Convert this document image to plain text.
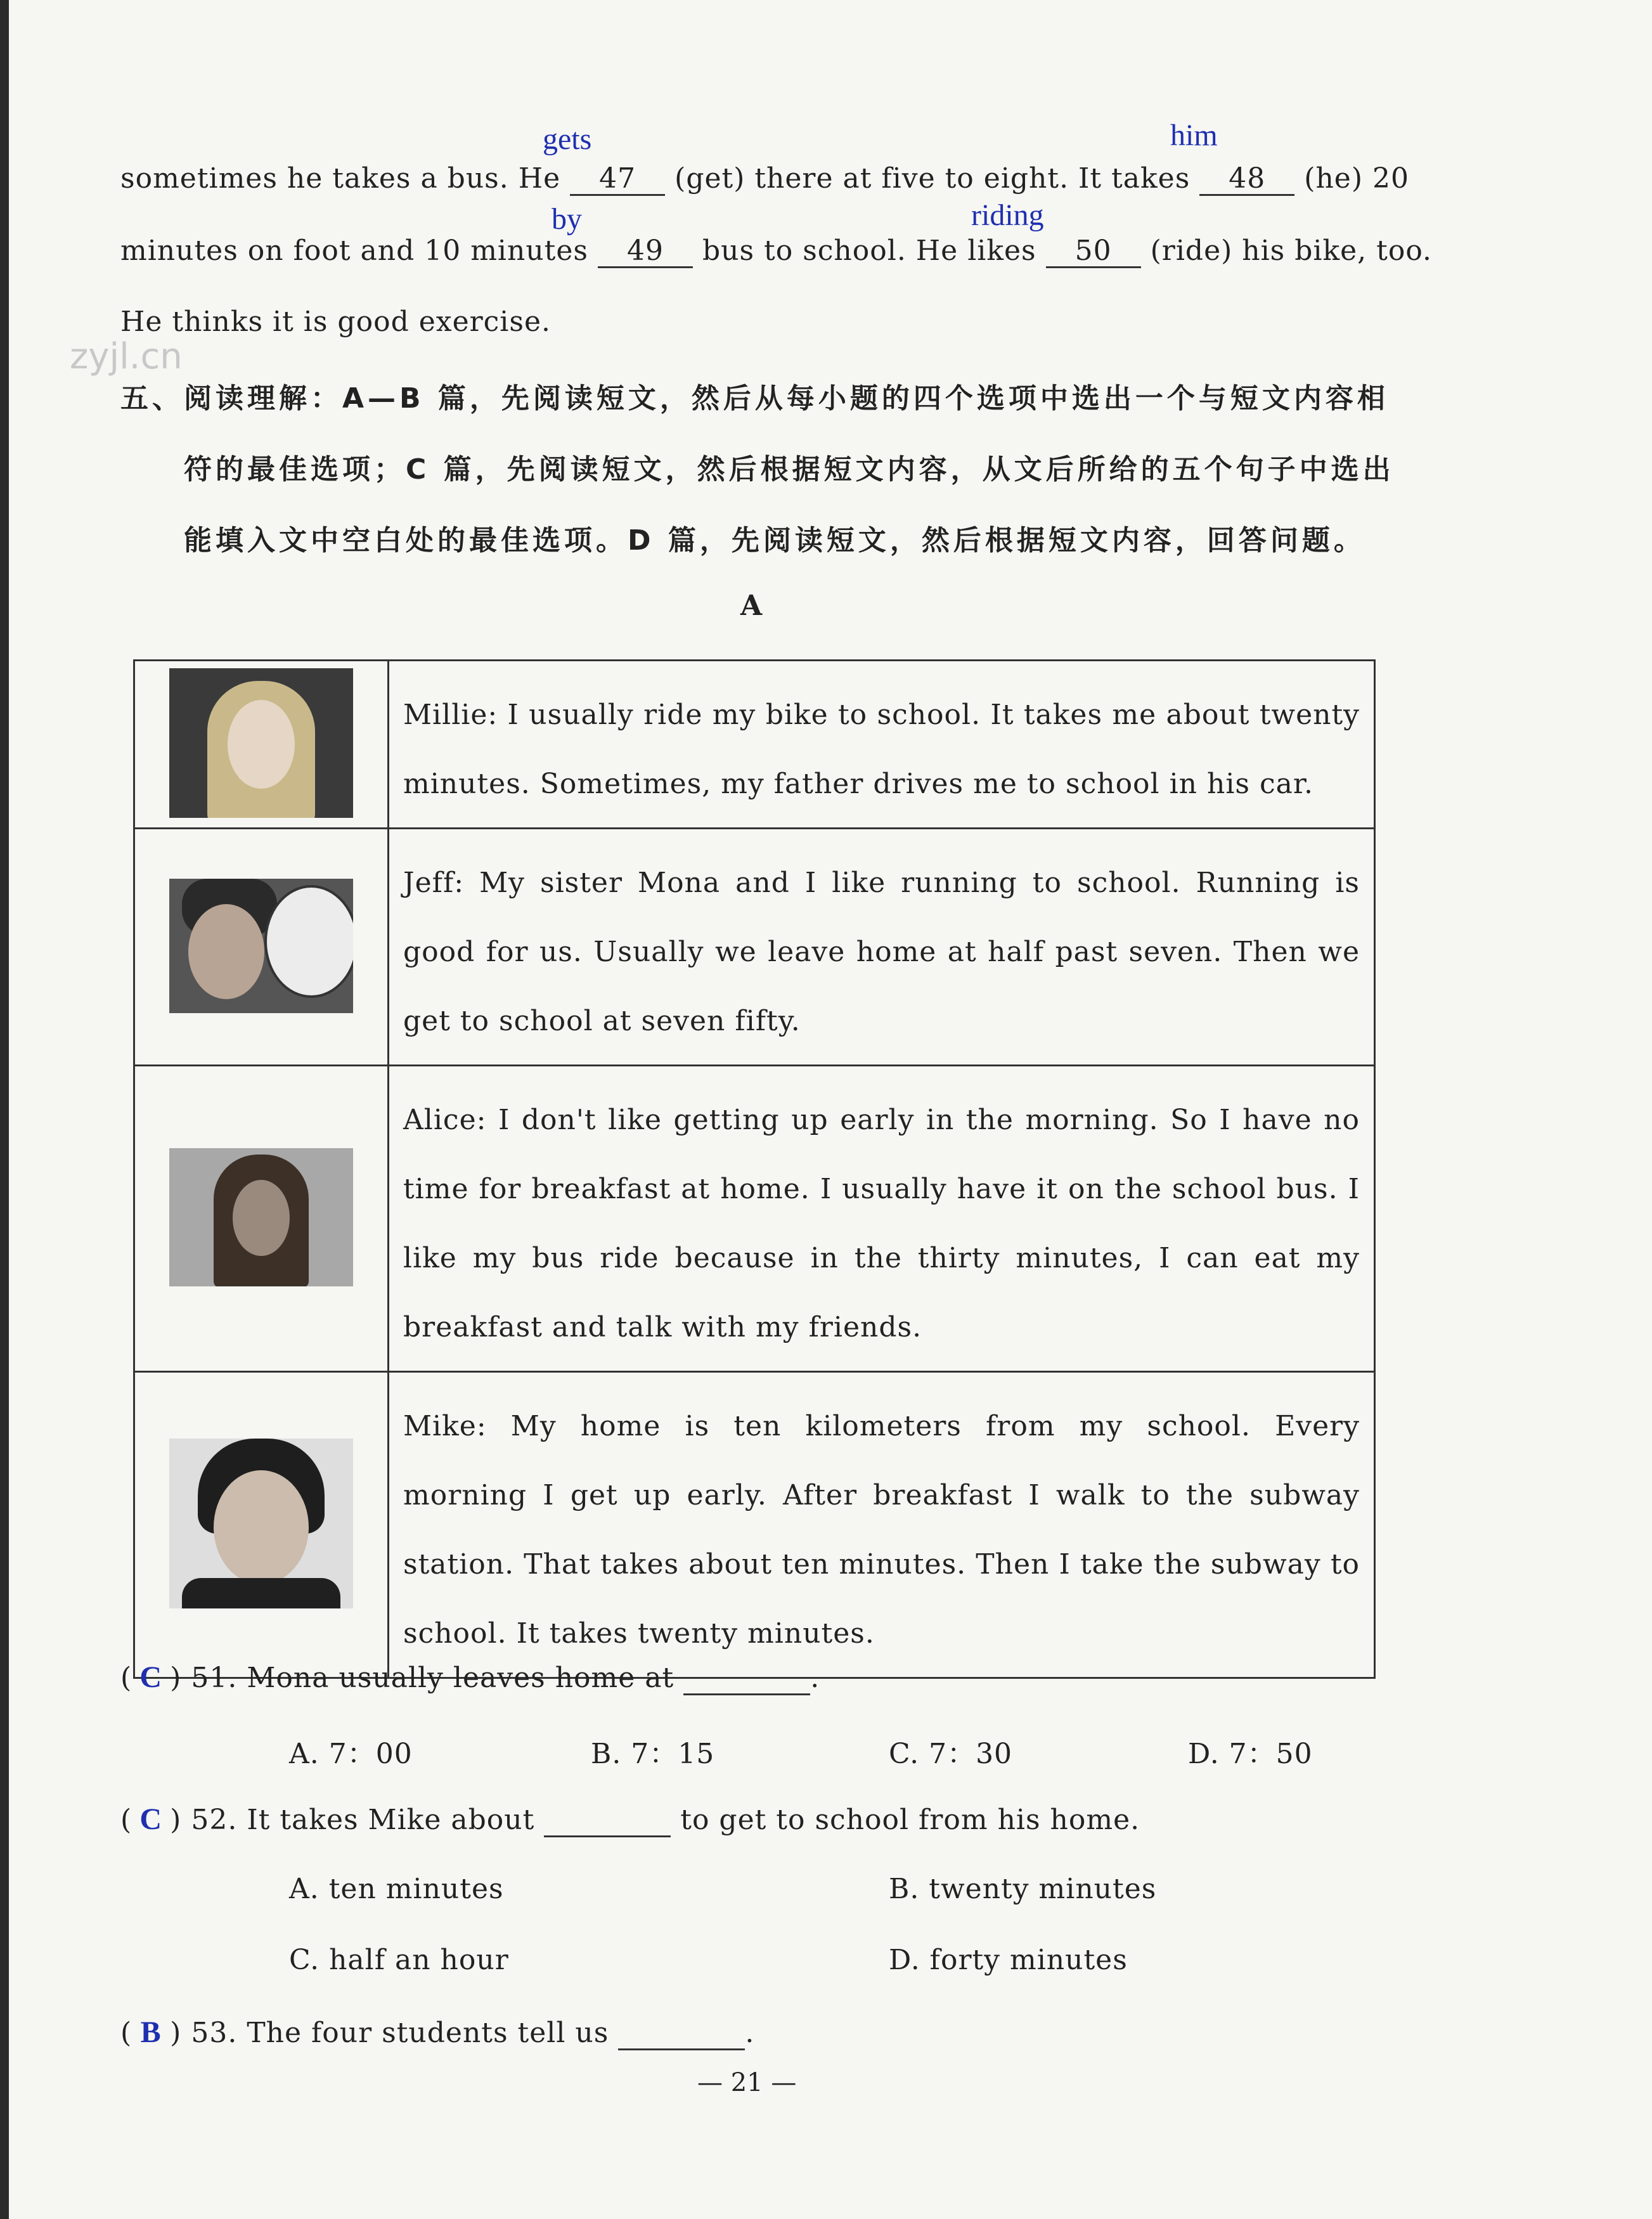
gets	him
by	riding
sometimes he takes a bus. He 47 (get) there at five to eight. It takes 48 (he) 20
minutes on foot and 10 minutes 49 bus to school. He likes 50 (ride) his bike, too.
He thinks it is good exercise.
zyjl.cn
五、阅读理解：A—B 篇，先阅读短文，然后从每小题的四个选项中选出一个与短文内容相
符的最佳选项；C 篇，先阅读短文，然后根据短文内容，从文后所给的五个句子中选出
能填入文中空白处的最佳选项。D 篇，先阅读短文，然后根据短文内容，回答问题。
A
	Millie: I usually ride my bike to school. It takes me about twenty minutes. Sometimes, my father drives me to school in his car.

	Jeff: My sister Mona and I like running to school. Running is good for us. Usually we leave home at half past seven. Then we get to school at seven fifty.

	Alice: I don't like getting up early in the morning. So I have no time for breakfast at home. I usually have it on the school bus. I like my bus ride because in the thirty minutes, I can eat my breakfast and talk with my friends.

	Mike: My home is ten kilometers from my school. Every morning I get up early. After breakfast I walk to the subway station. That takes about ten minutes. Then I take the subway to school. It takes twenty minutes.
( C ) 51. Mona usually leaves home at	.
A. 7：00	B. 7：15	C. 7：30	D. 7：50
( C ) 52. It takes Mike about	to get to school from his home.
A. ten minutes	B. twenty minutes
C. half an hour	D. forty minutes
( B ) 53. The four students tell us	.
— 21 —
